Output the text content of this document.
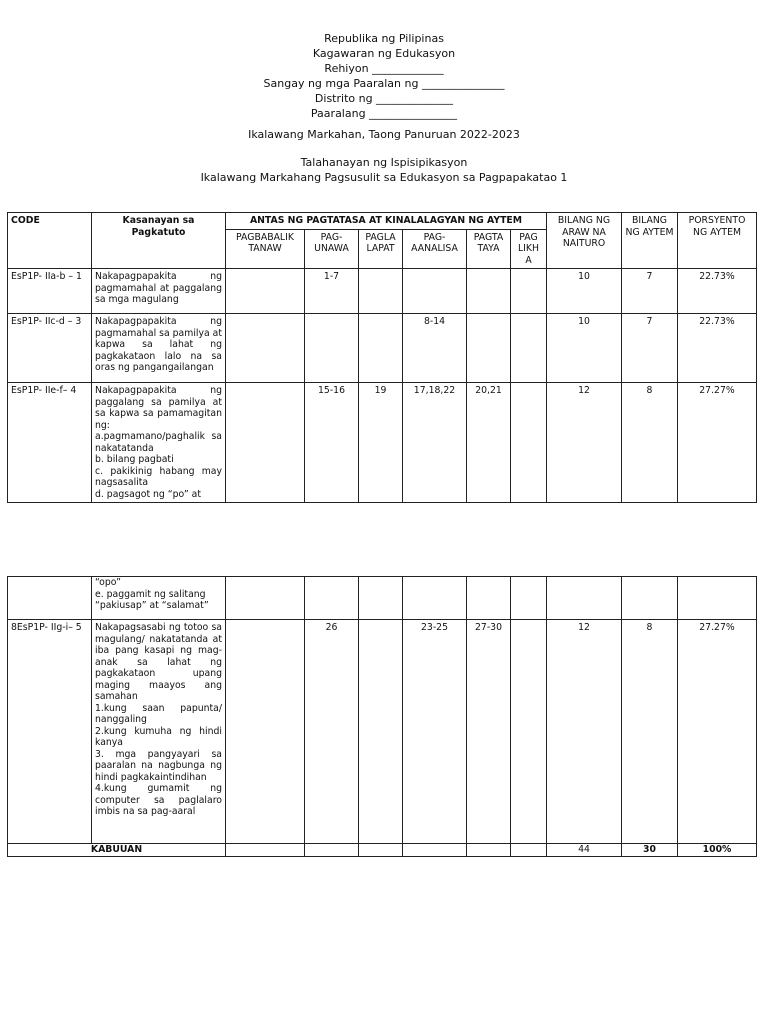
Republika ng Pilipinas
Kagawaran ng Edukasyon
Rehiyon _____________
Sangay ng mga Paaralan ng _______________
Distrito ng ______________
Paaralang ________________
Ikalawang Markahan, Taong Panuruan 2022-2023
Talahanayan ng Ispisipikasyon
Ikalawang Markahang Pagsusulit sa Edukasyon sa Pagpapakatao 1
CODE	Kasanayan sa Pagkatuto	ANTAS NG PAGTATASA AT KINALALAGYAN NG AYTEM						BILANG NG ARAW NA NAITURO	BILANG NG AYTEM	PORSYENTO NG AYTEM
		PAGBABALIK TANAW	PAG-UNAWA	PAGLA LAPAT	PAG-AANALISA	PAGTA TAYA	PAG LIKH A			
EsP1P- IIa-b – 1	Nakapagpapakita ng pagmamahal at paggalang sa mga magulang		1-7					10	7	22.73%
EsP1P- IIc-d – 3	Nakapagpapakita ng pagmamahal sa pamilya at kapwa sa lahat ng pagkakataon lalo na sa oras ng pangangailangan				8-14			10	7	22.73%
EsP1P- IIe-f– 4	Nakapagpapakita ng paggalang sa pamilya at sa kapwa sa pamamagitan ng:
a.pagmamano/paghalik sa nakatatanda
b. bilang pagbati
c. pakikinig habang may nagsasalita
d. pagsagot ng “po” at		15-16	19	17,18,22	20,21		12	8	27.27%

	“opo”
e. paggamit ng salitang “pakiusap” at “salamat”									

8EsP1P- IIg-i– 5	Nakapagsasabi ng totoo sa magulang/ nakatatanda at iba pang kasapi ng mag-anak sa lahat ng pagkakataon upang maging maayos ang samahan
1.kung saan papunta/ nanggaling
2.kung kumuha ng hindi kanya
3. mga pangyayari sa paaralan na nagbunga ng hindi pagkakaintindihan
4.kung gumamit ng computer sa paglalaro imbis na sa pag-aaral		26		23-25	27-30		12	8	27.27%
KABUUAN								44	30	100%
